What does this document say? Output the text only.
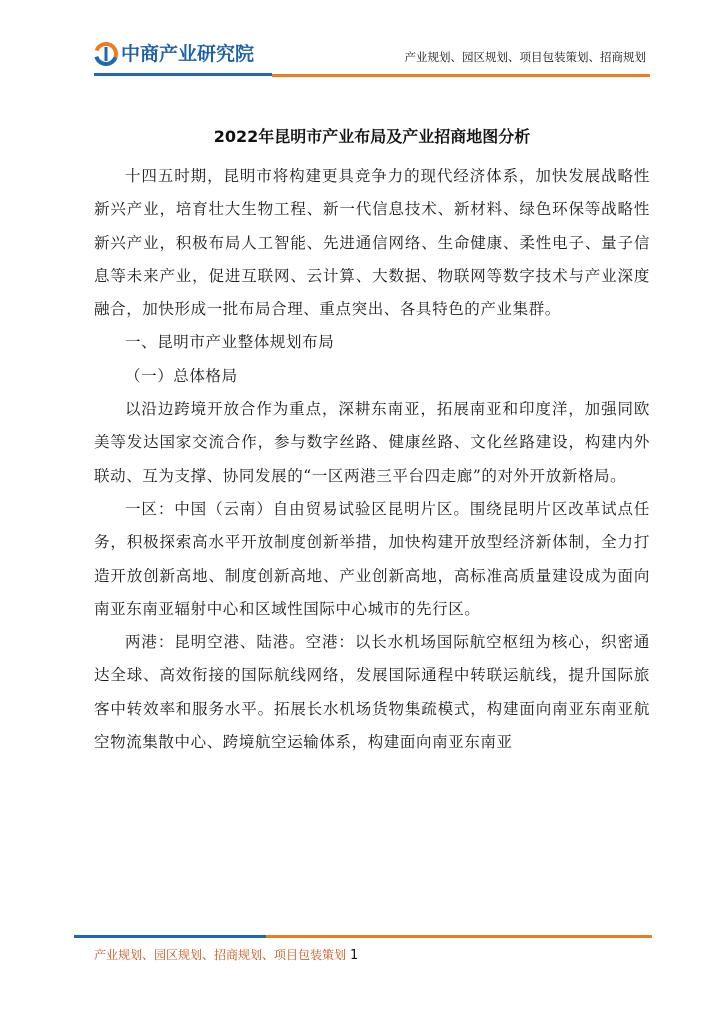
中商产业研究院	产业规划、园区规划、项目包装策划、招商规划
2022年昆明市产业布局及产业招商地图分析

十四五时期，昆明市将构建更具竞争力的现代经济体系，加快发展战略性新兴产业，培育壮大生物工程、新一代信息技术、新材料、绿色环保等战略性新兴产业，积极布局人工智能、先进通信网络、生命健康、柔性电子、量子信息等未来产业，促进互联网、云计算、大数据、物联网等数字技术与产业深度融合，加快形成一批布局合理、重点突出、各具特色的产业集群。

一、昆明市产业整体规划布局

（一）总体格局

以沿边跨境开放合作为重点，深耕东南亚，拓展南亚和印度洋，加强同欧美等发达国家交流合作，参与数字丝路、健康丝路、文化丝路建设，构建内外联动、互为支撑、协同发展的“一区两港三平台四走廊”的对外开放新格局。

一区：中国（云南）自由贸易试验区昆明片区。围绕昆明片区改革试点任务，积极探索高水平开放制度创新举措，加快构建开放型经济新体制，全力打造开放创新高地、制度创新高地、产业创新高地，高标准高质量建设成为面向南亚东南亚辐射中心和区域性国际中心城市的先行区。

两港：昆明空港、陆港。空港：以长水机场国际航空枢纽为核心，织密通达全球、高效衔接的国际航线网络，发展国际通程中转联运航线，提升国际旅客中转效率和服务水平。拓展长水机场货物集疏模式，构建面向南亚东南亚航空物流集散中心、跨境航空运输体系，构建面向南亚东南亚

产业规划、园区规划、招商规划、项目包装策划 1
